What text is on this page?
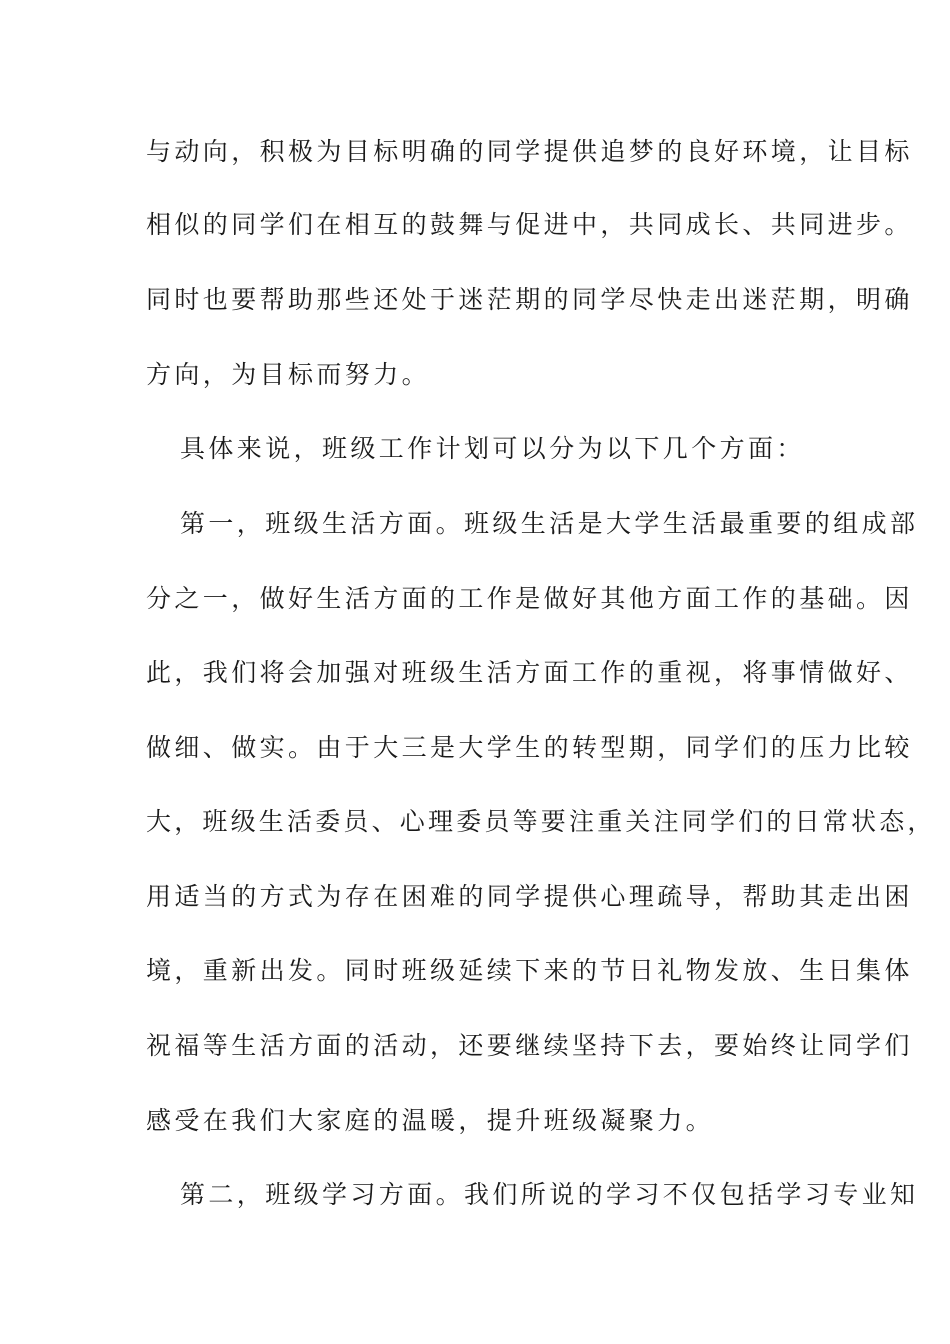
与动向，积极为目标明确的同学提供追梦的良好环境，让目标
相似的同学们在相互的鼓舞与促进中，共同成长、共同进步。
同时也要帮助那些还处于迷茫期的同学尽快走出迷茫期，明确
方向，为目标而努力。
具体来说，班级工作计划可以分为以下几个方面：
第一，班级生活方面。班级生活是大学生活最重要的组成部
分之一，做好生活方面的工作是做好其他方面工作的基础。因
此，我们将会加强对班级生活方面工作的重视，将事情做好、
做细、做实。由于大三是大学生的转型期，同学们的压力比较
大，班级生活委员、心理委员等要注重关注同学们的日常状态，
用适当的方式为存在困难的同学提供心理疏导，帮助其走出困
境，重新出发。同时班级延续下来的节日礼物发放、生日集体
祝福等生活方面的活动，还要继续坚持下去，要始终让同学们
感受在我们大家庭的温暖，提升班级凝聚力。
第二，班级学习方面。我们所说的学习不仅包括学习专业知
